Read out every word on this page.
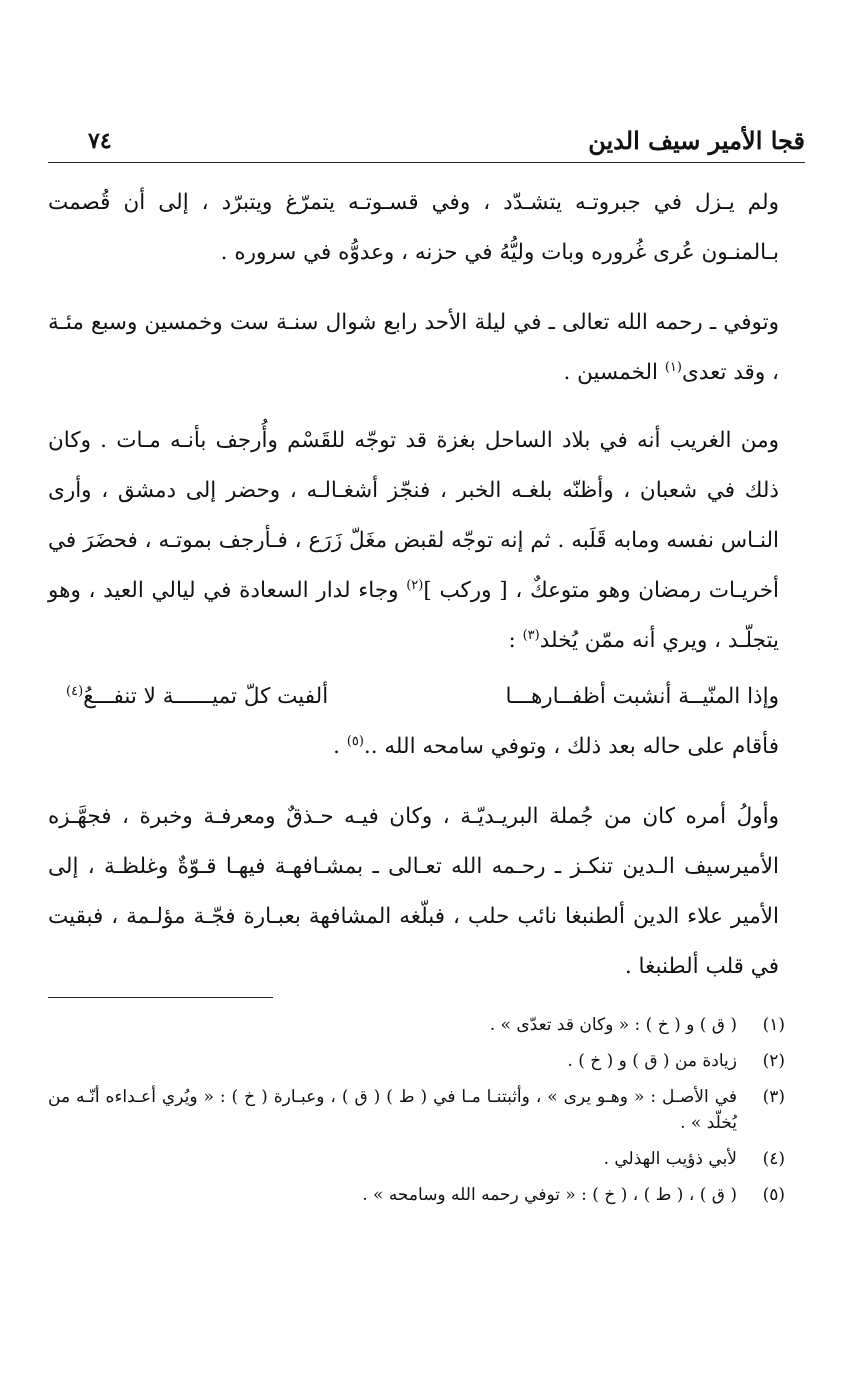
قجا الأمير سيف الدين
٧٤

ولم يـزل في جبروتـه يتشـدّد ، وفي قسـوتـه يتمرّغ ويتبرّد ، إلى أن قُصمت بـالمنـون عُرى غُروره وبات وليُّهُ في حزنه ، وعدوُّه في سروره .

وتوفي ـ رحمه الله تعالى ـ في ليلة الأحد رابع شوال سنـة ست وخمسين وسبع مئـة ، وقد تعدى$^{(١)}$ الخمسين .

ومن الغريب أنه في بلاد الساحل بغزة قد توجّه للقَسْم وأُرجف بأنـه مـات . وكان ذلك في شعبان ، وأظنّه بلغـه الخبر ، فنجّز أشغـالـه ، وحضر إلى دمشق ، وأرى النـاس نفسه ومابه قَلَبه . ثم إنه توجّه لقبض مغَلّ زَرَع ، فـأرجف بموتـه ، فحضَرَ في أخريـات رمضان وهو متوعكٌ ، [ وركب ]$^{(٢)}$ وجاء لدار السعادة في ليالي العيد ، وهو يتجلّـد ، ويري أنه ممّن يُخلد$^{(٣)}$ :

وإذا المنّيــة أنشبت أظفــارهـــا
ألفيت كلّ تميــــــة لا تنفـــعُ$^{(٤)}$
فأقام على حاله بعد ذلك ، وتوفي سامحه الله ..$^{(٥)}$ .

وأولُ أمره كان من جُملة البريـديّـة ، وكان فيـه حـذقٌ ومعرفـة وخبرة ، فجهَّـزه الأميرسيف الـدين تنكـز ـ رحـمه الله تعـالى ـ بمشـافهـة فيهـا قـوّةٌ وغلظـة ، إلى الأمير علاء الدين ألطنبغا نائب حلب ، فبلّغه المشافهة بعبـارة فجّـة مؤلـمة ، فبقيت في قلب ألطنبغا .

(١)
( ق ) و ( خ ) : « وكان قد تعدّى » .
(٢)
زيادة من ( ق ) و ( خ ) .
(٣)
في الأصـل : « وهـو يرى » ، وأثبتنـا مـا في ( ط ) ( ق ) ، وعبـارة ( خ ) : « ويُري أعـداءه أنّـه من يُخلّد » .
(٤)
لأبي ذؤيب الهذلي .
(٥)
( ق ) ، ( ط ) ، ( خ ) : « توفي رحمه الله وسامحه » .
